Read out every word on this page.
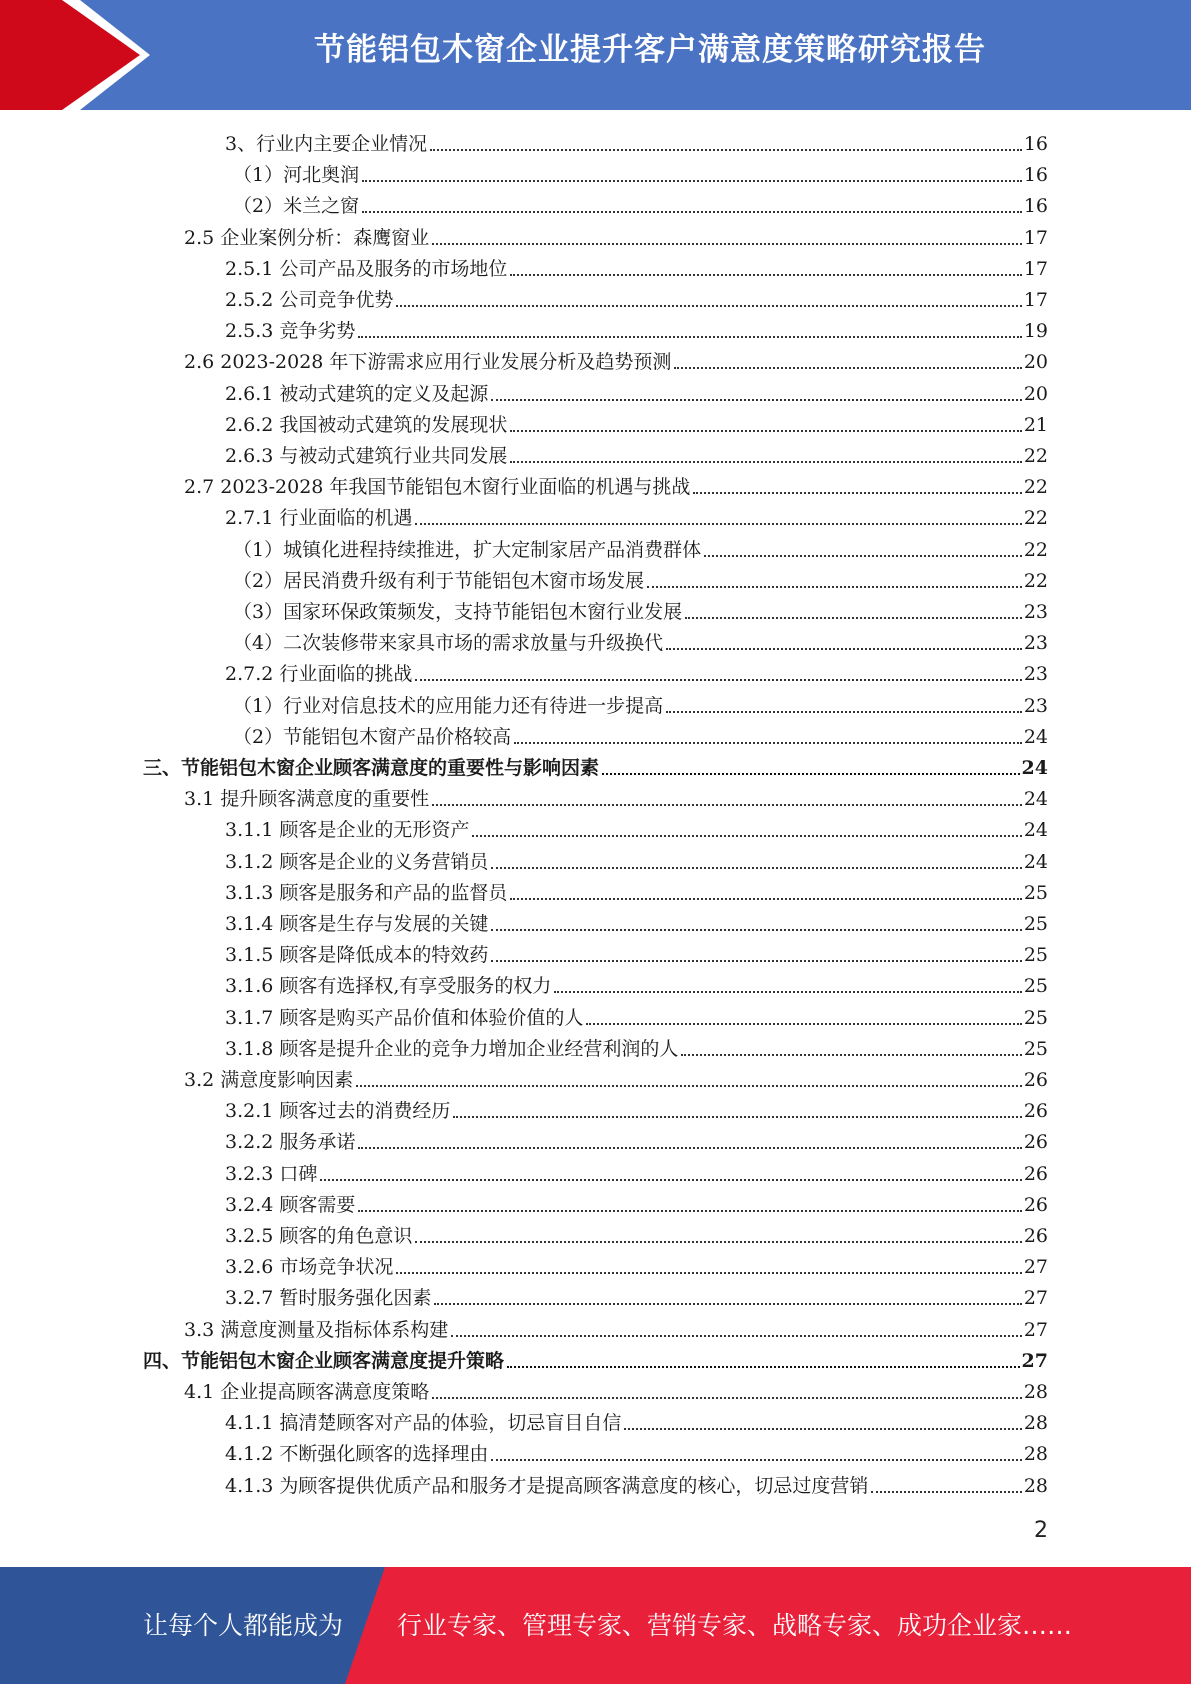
节能铝包木窗企业提升客户满意度策略研究报告
3、行业内主要企业情况	16
（1）河北奥润	16
（2）米兰之窗	16
2.5 企业案例分析：森鹰窗业	17
2.5.1 公司产品及服务的市场地位	17
2.5.2 公司竞争优势	17
2.5.3 竞争劣势	19
2.6 2023-2028 年下游需求应用行业发展分析及趋势预测	20
2.6.1 被动式建筑的定义及起源	20
2.6.2 我国被动式建筑的发展现状	21
2.6.3 与被动式建筑行业共同发展	22
2.7 2023-2028 年我国节能铝包木窗行业面临的机遇与挑战	22
2.7.1 行业面临的机遇	22
（1）城镇化进程持续推进，扩大定制家居产品消费群体	22
（2）居民消费升级有利于节能铝包木窗市场发展	22
（3）国家环保政策频发，支持节能铝包木窗行业发展	23
（4）二次装修带来家具市场的需求放量与升级换代	23
2.7.2 行业面临的挑战	23
（1）行业对信息技术的应用能力还有待进一步提高	23
（2）节能铝包木窗产品价格较高	24
三、节能铝包木窗企业顾客满意度的重要性与影响因素	24
3.1 提升顾客满意度的重要性	24
3.1.1 顾客是企业的无形资产	24
3.1.2 顾客是企业的义务营销员	24
3.1.3 顾客是服务和产品的监督员	25
3.1.4 顾客是生存与发展的关键	25
3.1.5 顾客是降低成本的特效药	25
3.1.6 顾客有选择权,有享受服务的权力	25
3.1.7 顾客是购买产品价值和体验价值的人	25
3.1.8 顾客是提升企业的竞争力增加企业经营利润的人	25
3.2 满意度影响因素	26
3.2.1 顾客过去的消费经历	26
3.2.2 服务承诺	26
3.2.3 口碑	26
3.2.4 顾客需要	26
3.2.5 顾客的角色意识	26
3.2.6 市场竞争状况	27
3.2.7 暂时服务强化因素	27
3.3 满意度测量及指标体系构建	27
四、节能铝包木窗企业顾客满意度提升策略	27
4.1 企业提高顾客满意度策略	28
4.1.1 搞清楚顾客对产品的体验，切忌盲目自信	28
4.1.2 不断强化顾客的选择理由	28
4.1.3 为顾客提供优质产品和服务才是提高顾客满意度的核心，切忌过度营销	28
2
让每个人都能成为 行业专家、管理专家、营销专家、战略专家、成功企业家……
